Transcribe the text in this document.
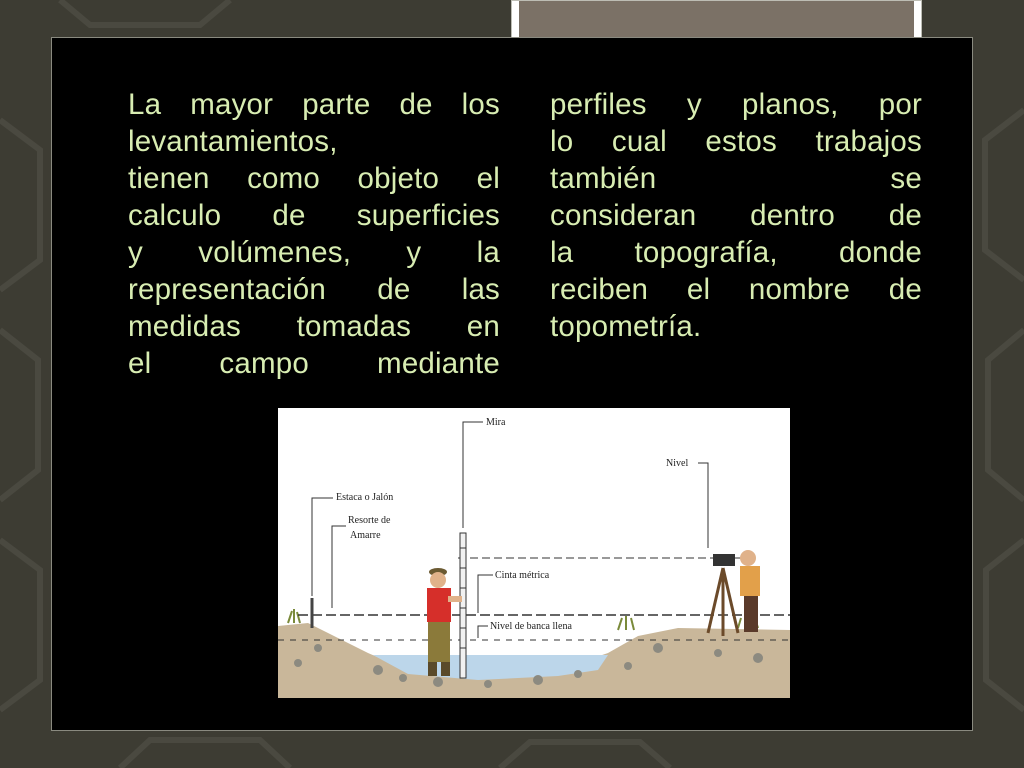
La mayor parte de los
levantamientos,
tienen como objeto el
calculo de superficies
y volúmenes, y la
representación de las
medidas tomadas en
el campo mediante
perfiles y planos, por
lo cual estos trabajos
también se
consideran dentro de
la topografía, donde
reciben el nombre de
topometría.
Mira
Nivel
Estaca o Jalón
Resorte de
Amarre
Cinta métrica
Nivel de banca llena
